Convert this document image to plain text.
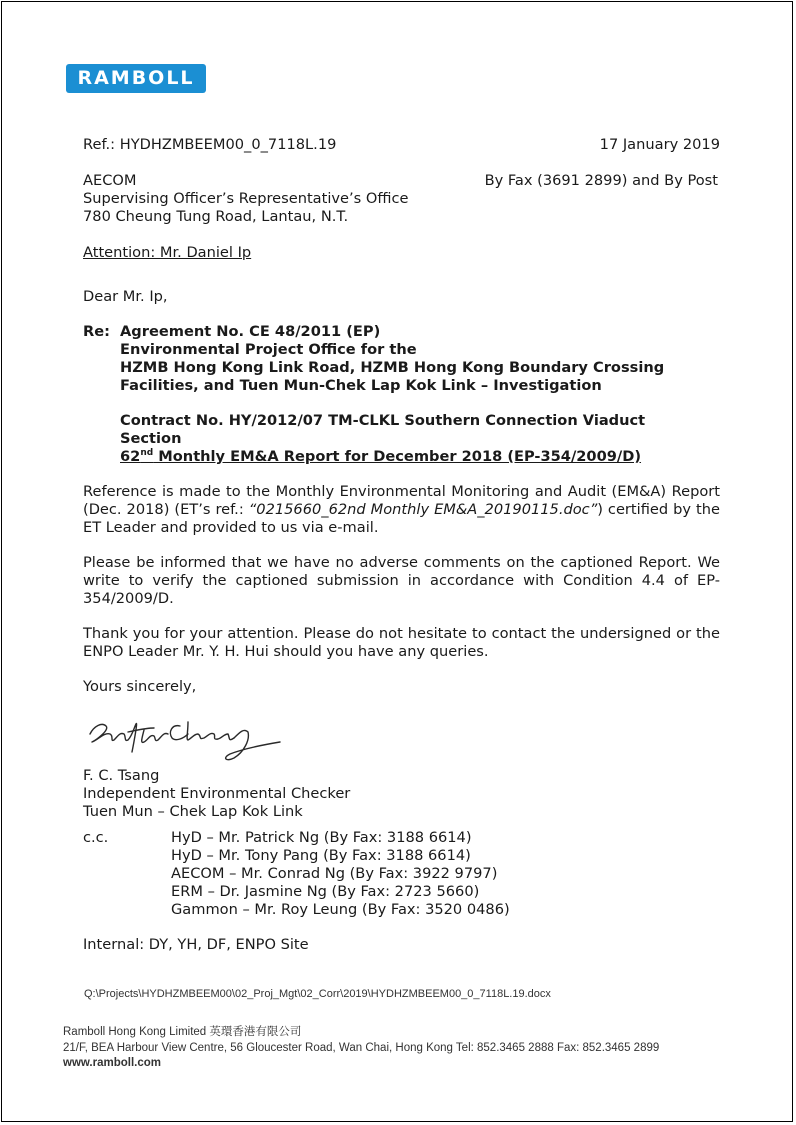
RAMBOLL
Ref.: HYDHZMBEEM00_0_7118L.19	17 January 2019
AECOM
Supervising Officer’s Representative’s Office
780 Cheung Tung Road, Lantau, N.T.
By Fax (3691 2899) and By Post
Attention: Mr. Daniel Ip
Dear Mr. Ip,
Re: Agreement No. CE 48/2011 (EP)
Environmental Project Office for the
HZMB Hong Kong Link Road, HZMB Hong Kong Boundary Crossing
Facilities, and Tuen Mun-Chek Lap Kok Link – Investigation
Contract No. HY/2012/07 TM-CLKL Southern Connection Viaduct
Section
62nd Monthly EM&A Report for December 2018 (EP-354/2009/D)
Reference is made to the Monthly Environmental Monitoring and Audit (EM&A) Report (Dec. 2018) (ET’s ref.: “0215660_62nd Monthly EM&A_20190115.doc”) certified by the ET Leader and provided to us via e-mail.
Please be informed that we have no adverse comments on the captioned Report. We write to verify the captioned submission in accordance with Condition 4.4 of EP-354/2009/D.
Thank you for your attention. Please do not hesitate to contact the undersigned or the ENPO Leader Mr. Y. H. Hui should you have any queries.
Yours sincerely,
F. C. Tsang
Independent Environmental Checker
Tuen Mun – Chek Lap Kok Link
c.c.	HyD – Mr. Patrick Ng (By Fax: 3188 6614)
HyD – Mr. Tony Pang (By Fax: 3188 6614)
AECOM – Mr. Conrad Ng (By Fax: 3922 9797)
ERM – Dr. Jasmine Ng (By Fax: 2723 5660)
Gammon – Mr. Roy Leung (By Fax: 3520 0486)
Internal: DY, YH, DF, ENPO Site
Q:\Projects\HYDHZMBEEM00\02_Proj_Mgt\02_Corr\2019\HYDHZMBEEM00_0_7118L.19.docx
Ramboll Hong Kong Limited 英環香港有限公司
21/F, BEA Harbour View Centre, 56 Gloucester Road, Wan Chai, Hong Kong Tel: 852.3465 2888 Fax: 852.3465 2899
www.ramboll.com
